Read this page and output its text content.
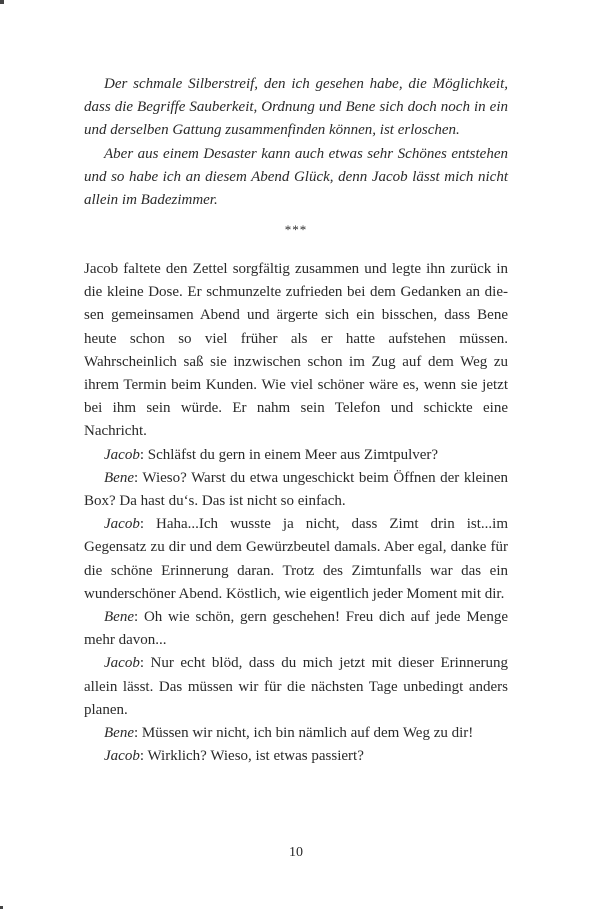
Der schmale Silberstreif, den ich gesehen habe, die Möglichkeit, dass die Begriffe Sauberkeit, Ordnung und Bene sich doch noch in ein und derselben Gattung zusammenfinden können, ist erloschen.

Aber aus einem Desaster kann auch etwas sehr Schönes entstehen und so habe ich an diesem Abend Glück, denn Jacob lässt mich nicht allein im Badezimmer.

***

Jacob faltete den Zettel sorgfältig zusammen und legte ihn zurück in die kleine Dose. Er schmunzelte zufrieden bei dem Gedanken an diesen gemeinsamen Abend und ärgerte sich ein bisschen, dass Bene heute schon so viel früher als er hatte aufstehen müssen. Wahrscheinlich saß sie inzwischen schon im Zug auf dem Weg zu ihrem Termin beim Kunden. Wie viel schöner wäre es, wenn sie jetzt bei ihm sein würde. Er nahm sein Telefon und schickte eine Nachricht.

Jacob: Schläfst du gern in einem Meer aus Zimtpulver?

Bene: Wieso? Warst du etwa ungeschickt beim Öffnen der kleinen Box? Da hast du‘s. Das ist nicht so einfach.

Jacob: Haha...Ich wusste ja nicht, dass Zimt drin ist...im Gegensatz zu dir und dem Gewürzbeutel damals. Aber egal, danke für die schöne Erinnerung daran. Trotz des Zimtunfalls war das ein wunderschöner Abend. Köstlich, wie eigentlich jeder Moment mit dir.

Bene: Oh wie schön, gern geschehen! Freu dich auf jede Menge mehr davon...

Jacob: Nur echt blöd, dass du mich jetzt mit dieser Erinnerung allein lässt. Das müssen wir für die nächsten Tage unbedingt anders planen.

Bene: Müssen wir nicht, ich bin nämlich auf dem Weg zu dir!

Jacob: Wirklich? Wieso, ist etwas passiert?

10
